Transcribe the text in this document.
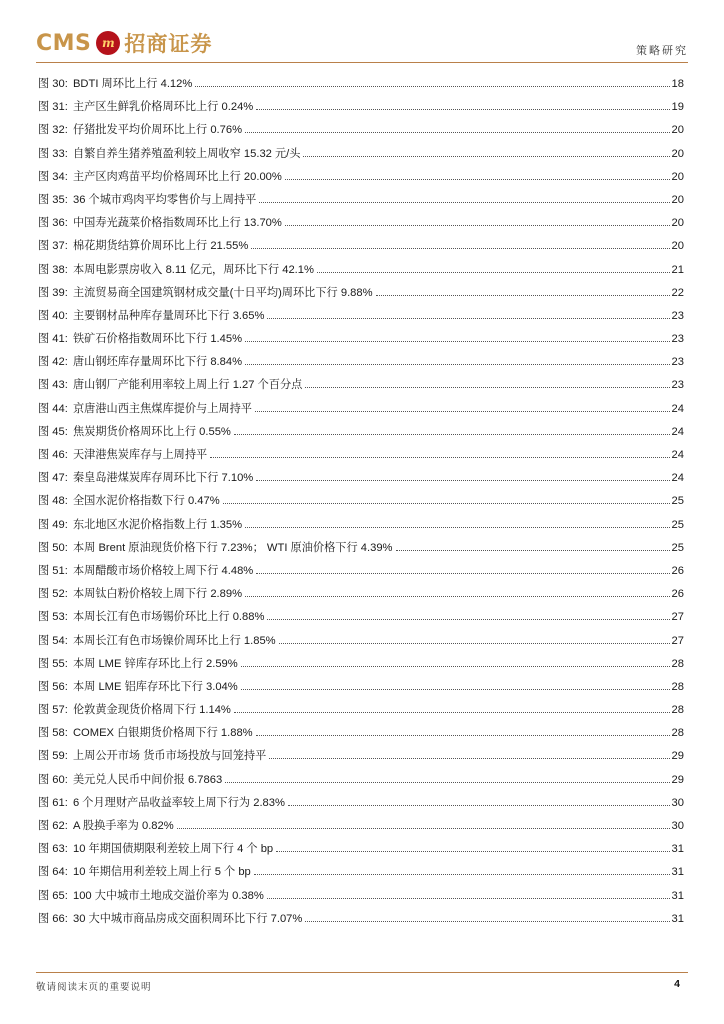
CMS m 招商证券	策略研究
图 30: BDTI 周环比上行 4.12%	18
图 31: 主产区生鲜乳价格周环比上行 0.24%	19
图 32: 仔猪批发平均价周环比上行 0.76%	20
图 33: 自繁自养生猪养殖盈利较上周收窄 15.32 元/头	20
图 34: 主产区肉鸡苗平均价格周环比上行 20.00%	20
图 35: 36 个城市鸡肉平均零售价与上周持平	20
图 36: 中国寿光蔬菜价格指数周环比上行 13.70%	20
图 37: 棉花期货结算价周环比上行 21.55%	20
图 38: 本周电影票房收入 8.11 亿元，周环比下行 42.1%	21
图 39: 主流贸易商全国建筑钢材成交量(十日平均)周环比下行 9.88%	22
图 40: 主要钢材品种库存量周环比下行 3.65%	23
图 41: 铁矿石价格指数周环比下行 1.45%	23
图 42: 唐山钢坯库存量周环比下行 8.84%	23
图 43: 唐山钢厂产能利用率较上周上行 1.27 个百分点	23
图 44: 京唐港山西主焦煤库提价与上周持平	24
图 45: 焦炭期货价格周环比上行 0.55%	24
图 46: 天津港焦炭库存与上周持平	24
图 47: 秦皇岛港煤炭库存周环比下行 7.10%	24
图 48: 全国水泥价格指数下行 0.47%	25
图 49: 东北地区水泥价格指数上行 1.35%	25
图 50: 本周 Brent 原油现货价格下行 7.23%； WTI 原油价格下行 4.39%	25
图 51: 本周醋酸市场价格较上周下行 4.48%	26
图 52: 本周钛白粉价格较上周下行 2.89%	26
图 53: 本周长江有色市场锡价环比上行 0.88%	27
图 54: 本周长江有色市场镍价周环比上行 1.85%	27
图 55: 本周 LME 锌库存环比上行 2.59%	28
图 56: 本周 LME 铝库存环比下行 3.04%	28
图 57: 伦敦黄金现货价格周下行 1.14%	28
图 58: COMEX 白银期货价格周下行 1.88%	28
图 59: 上周公开市场 货币市场投放与回笼持平	29
图 60: 美元兑人民币中间价报 6.7863	29
图 61: 6 个月理财产品收益率较上周下行为 2.83%	30
图 62: A 股换手率为 0.82%	30
图 63: 10 年期国债期限利差较上周下行 4 个 bp	31
图 64: 10 年期信用利差较上周上行 5 个 bp	31
图 65: 100 大中城市土地成交溢价率为 0.38%	31
图 66: 30 大中城市商品房成交面积周环比下行 7.07%	31
敬请阅读末页的重要说明	4
